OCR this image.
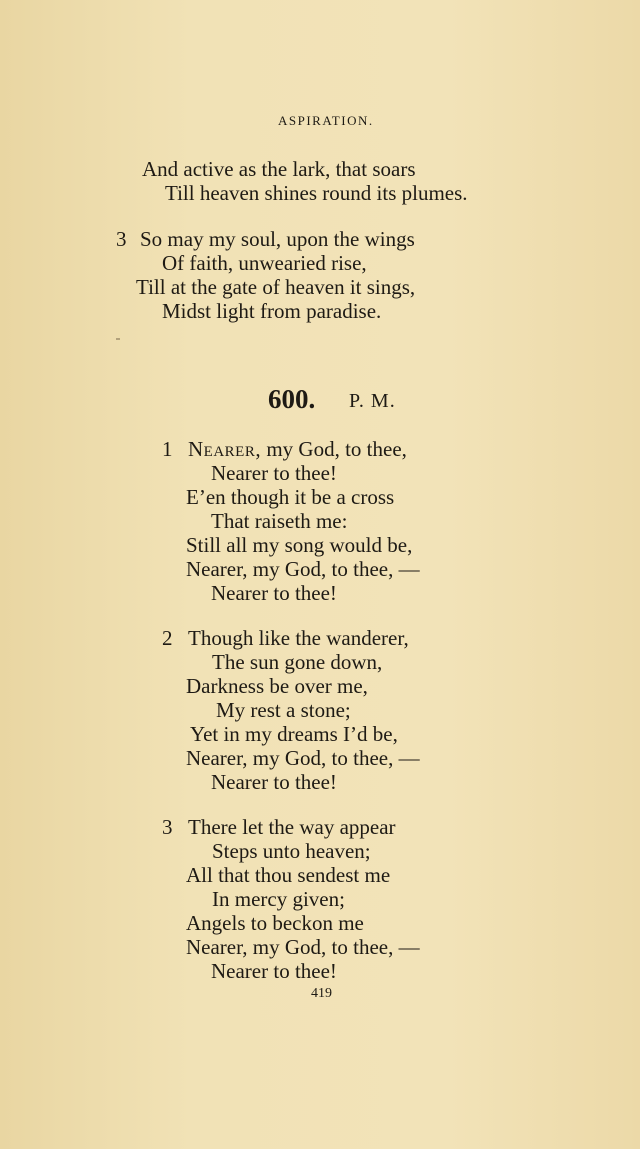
ASPIRATION.
And active as the lark, that soars
Till heaven shines round its plumes.
3 So may my soul, upon the wings
Of faith, unwearied rise,
Till at the gate of heaven it sings,
Midst light from paradise.
600. P. M.
1 Nearer, my God, to thee,
Nearer to thee!
E’en though it be a cross
That raiseth me:
Still all my song would be,
Nearer, my God, to thee, —
Nearer to thee!
2 Though like the wanderer,
The sun gone down,
Darkness be over me,
My rest a stone;
Yet in my dreams I’d be,
Nearer, my God, to thee, —
Nearer to thee!
3 There let the way appear
Steps unto heaven;
All that thou sendest me
In mercy given;
Angels to beckon me
Nearer, my God, to thee, —
Nearer to thee!
419
